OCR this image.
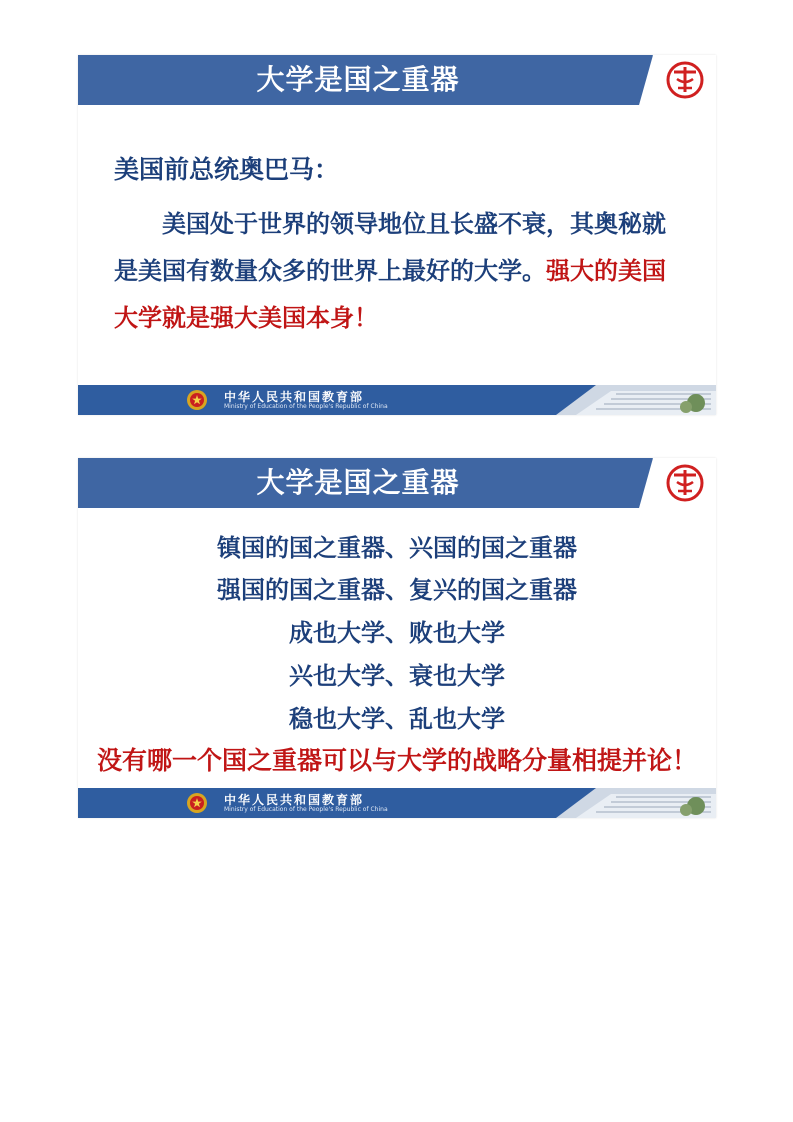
大学是国之重器
美国前总统奥巴马：
美国处于世界的领导地位且长盛不衰，其奥秘就是美国有数量众多的世界上最好的大学。强大的美国大学就是强大美国本身！
中华人民共和国教育部
Ministry of Education of the People's Republic of China
大学是国之重器
镇国的国之重器、兴国的国之重器
强国的国之重器、复兴的国之重器
成也大学、败也大学
兴也大学、衰也大学
稳也大学、乱也大学
没有哪一个国之重器可以与大学的战略分量相提并论！
中华人民共和国教育部
Ministry of Education of the People's Republic of China
